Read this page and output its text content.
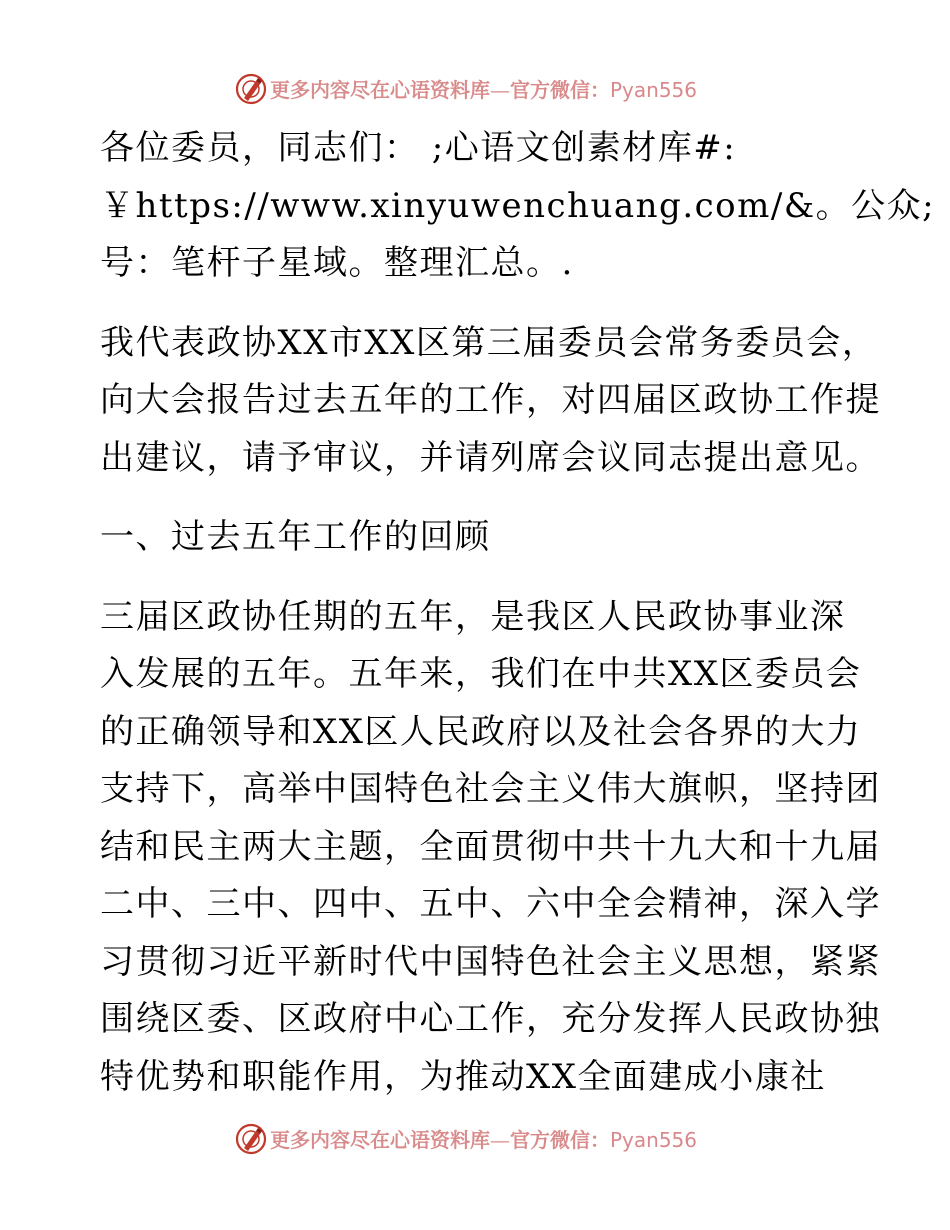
更多内容尽在心语资料库—官方微信：Pyan556
各位委员，同志们： ;心语文创素材库#:
￥https://www.xinyuwenchuang.com/&。公众;
号：笔杆子星域。整理汇总。.
我代表政协XX市XX区第三届委员会常务委员会，
向大会报告过去五年的工作，对四届区政协工作提
出建议，请予审议，并请列席会议同志提出意见。
一、过去五年工作的回顾
三届区政协任期的五年，是我区人民政协事业深
入发展的五年。五年来，我们在中共XX区委员会
的正确领导和XX区人民政府以及社会各界的大力
支持下，高举中国特色社会主义伟大旗帜，坚持团
结和民主两大主题，全面贯彻中共十九大和十九届
二中、三中、四中、五中、六中全会精神，深入学
习贯彻习近平新时代中国特色社会主义思想，紧紧
围绕区委、区政府中心工作，充分发挥人民政协独
特优势和职能作用，为推动XX全面建成小康社
更多内容尽在心语资料库—官方微信：Pyan556
